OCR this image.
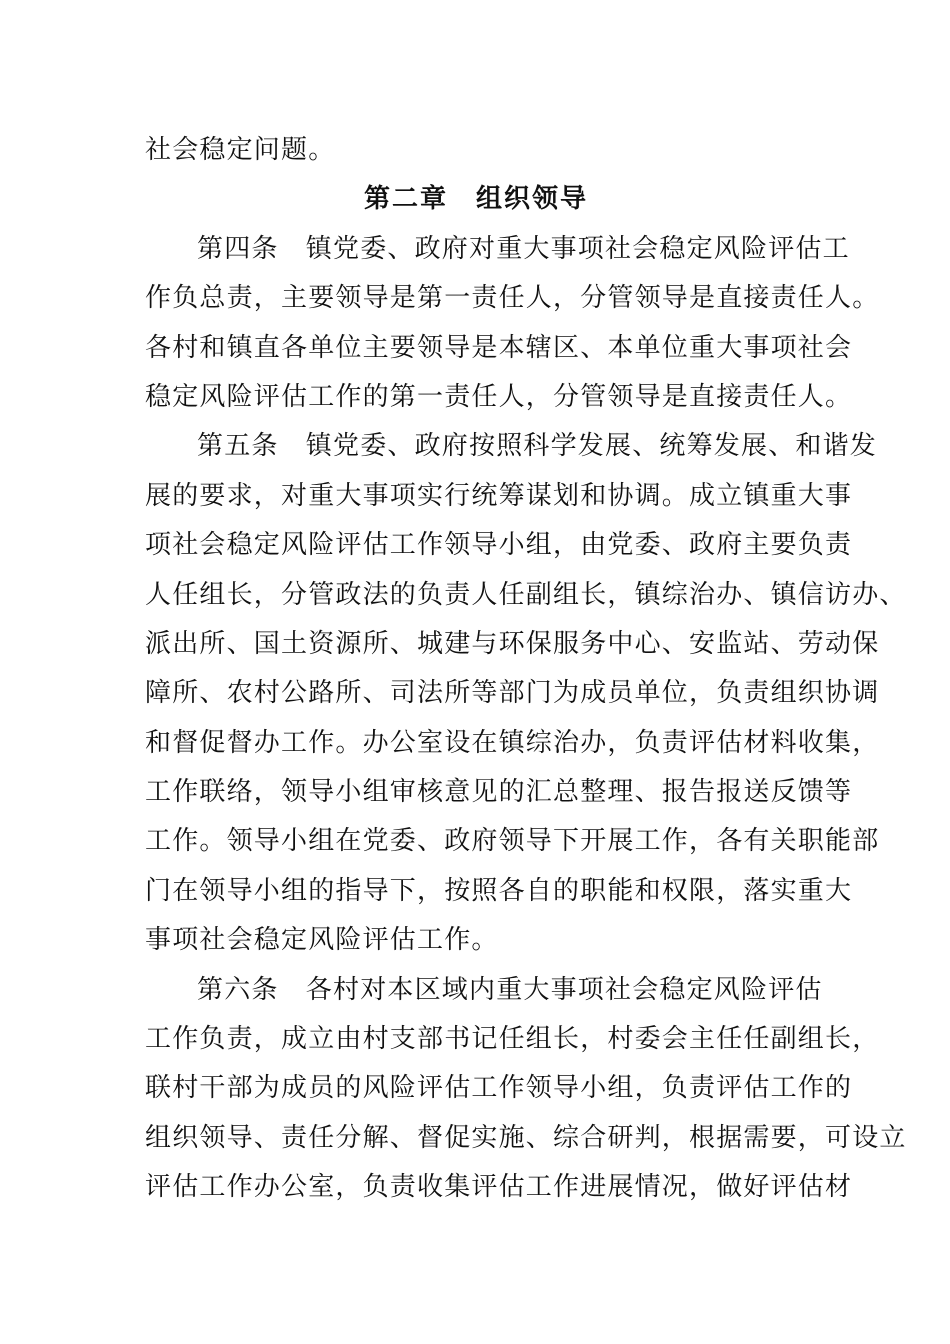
社会稳定问题。
第二章　组织领导
第四条　镇党委、政府对重大事项社会稳定风险评估工
作负总责，主要领导是第一责任人，分管领导是直接责任人。
各村和镇直各单位主要领导是本辖区、本单位重大事项社会
稳定风险评估工作的第一责任人，分管领导是直接责任人。
第五条　镇党委、政府按照科学发展、统筹发展、和谐发
展的要求，对重大事项实行统筹谋划和协调。成立镇重大事
项社会稳定风险评估工作领导小组，由党委、政府主要负责
人任组长，分管政法的负责人任副组长，镇综治办、镇信访办、
派出所、国土资源所、城建与环保服务中心、安监站、劳动保
障所、农村公路所、司法所等部门为成员单位，负责组织协调
和督促督办工作。办公室设在镇综治办，负责评估材料收集，
工作联络，领导小组审核意见的汇总整理、报告报送反馈等
工作。领导小组在党委、政府领导下开展工作，各有关职能部
门在领导小组的指导下，按照各自的职能和权限，落实重大
事项社会稳定风险评估工作。
第六条　各村对本区域内重大事项社会稳定风险评估
工作负责，成立由村支部书记任组长，村委会主任任副组长，
联村干部为成员的风险评估工作领导小组，负责评估工作的
组织领导、责任分解、督促实施、综合研判，根据需要，可设立
评估工作办公室，负责收集评估工作进展情况，做好评估材
